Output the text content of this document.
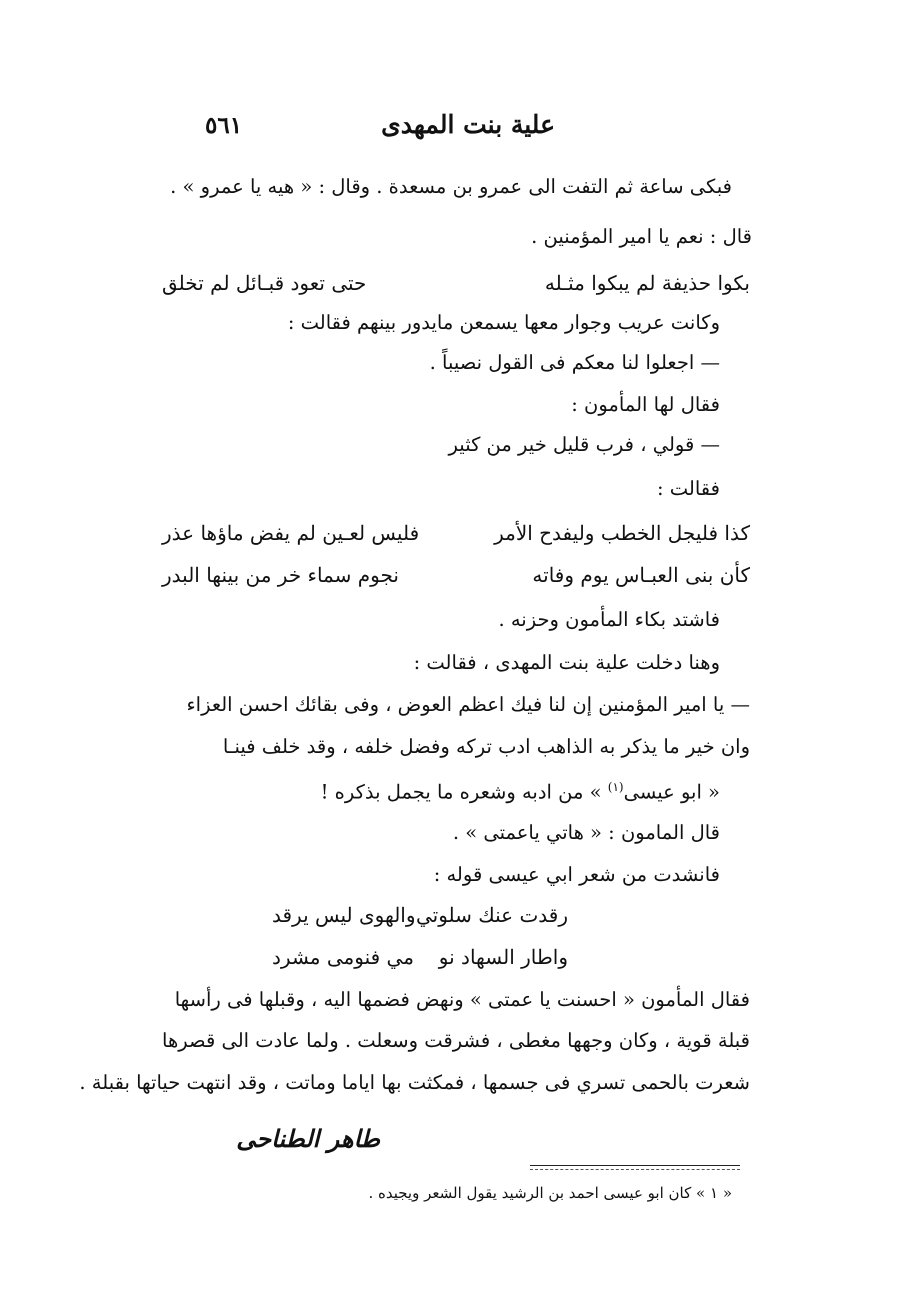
علية بنت المهدى
٥٦١
فبكى ساعة ثم التفت الى عمرو بن مسعدة . وقال : « هيه يا عمرو » .
قال : نعم يا امير المؤمنين .
بكوا حذيفة لم يبكوا مثـله
حتى تعود قبـائل لم تخلق
وكانت عريب وجوار معها يسمعن مايدور بينهم فقالت :
— اجعلوا لنا معكم فى القول نصيباً .
فقال لها المأمون :
— قولي ، فرب قليل خير من كثير
فقالت :
كذا فليجل الخطب وليفدح الأمر
فليس لعـين لم يفض ماؤها عذر
كأن بنى العبـاس يوم وفاته
نجوم سماء خر من بينها البدر
فاشتد بكاء المأمون وحزنه .
وهنا دخلت علية بنت المهدى ، فقالت :
— يا امير المؤمنين إن لنا فيك اعظم العوض ، وفى بقائك احسن العزاء
وان خير ما يذكر به الذاهب ادب تركه وفضل خلفه ، وقد خلف فينـا
« ابو عيسى$^{(١)}$ » من ادبه وشعره ما يجمل بذكره !
قال المامون : « هاتي ياعمتى » .
فانشدت من شعر ابي عيسى قوله :
رقدت عنك سلوتي
والهوى ليس يرقد
واطار السهاد نو
مي فنومى مشرد
فقال المأمون « احسنت يا عمتى » ونهض فضمها اليه ، وقبلها فى رأسها
قبلة قوية ، وكان وجهها مغطى ، فشرقت وسعلت . ولما عادت الى قصرها
شعرت بالحمى تسري فى جسمها ، فمكثت بها اياما وماتت ، وقد انتهت حياتها بقبلة .
طاهر الطناحى
« ١ » كان ابو عيسى احمد بن الرشيد يقول الشعر ويجيده .
